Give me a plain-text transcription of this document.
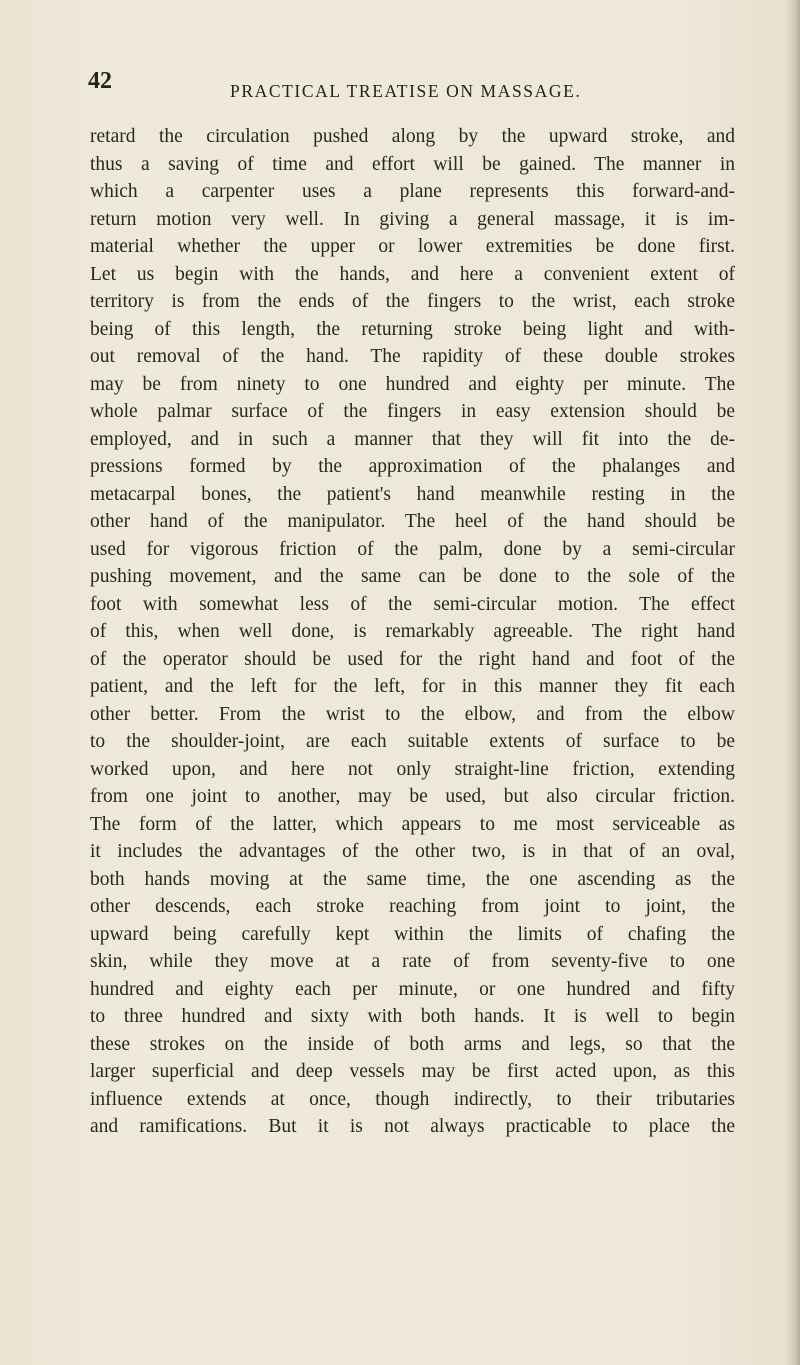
42	PRACTICAL TREATISE ON MASSAGE.
retard the circulation pushed along by the upward stroke, and
thus a saving of time and effort will be gained. The manner in
which a carpenter uses a plane represents this forward-and-
return motion very well. In giving a general massage, it is im-
material whether the upper or lower extremities be done first.
Let us begin with the hands, and here a convenient extent of
territory is from the ends of the fingers to the wrist, each stroke
being of this length, the returning stroke being light and with-
out removal of the hand. The rapidity of these double strokes
may be from ninety to one hundred and eighty per minute. The
whole palmar surface of the fingers in easy extension should be
employed, and in such a manner that they will fit into the de-
pressions formed by the approximation of the phalanges and
metacarpal bones, the patient's hand meanwhile resting in the
other hand of the manipulator. The heel of the hand should be
used for vigorous friction of the palm, done by a semi-circular
pushing movement, and the same can be done to the sole of the
foot with somewhat less of the semi-circular motion. The effect
of this, when well done, is remarkably agreeable. The right hand
of the operator should be used for the right hand and foot of the
patient, and the left for the left, for in this manner they fit each
other better. From the wrist to the elbow, and from the elbow
to the shoulder-joint, are each suitable extents of surface to be
worked upon, and here not only straight-line friction, extending
from one joint to another, may be used, but also circular friction.
The form of the latter, which appears to me most serviceable as
it includes the advantages of the other two, is in that of an oval,
both hands moving at the same time, the one ascending as the
other descends, each stroke reaching from joint to joint, the
upward being carefully kept within the limits of chafing the
skin, while they move at a rate of from seventy-five to one
hundred and eighty each per minute, or one hundred and fifty
to three hundred and sixty with both hands. It is well to begin
these strokes on the inside of both arms and legs, so that the
larger superficial and deep vessels may be first acted upon, as this
influence extends at once, though indirectly, to their tributaries
and ramifications. But it is not always practicable to place the
